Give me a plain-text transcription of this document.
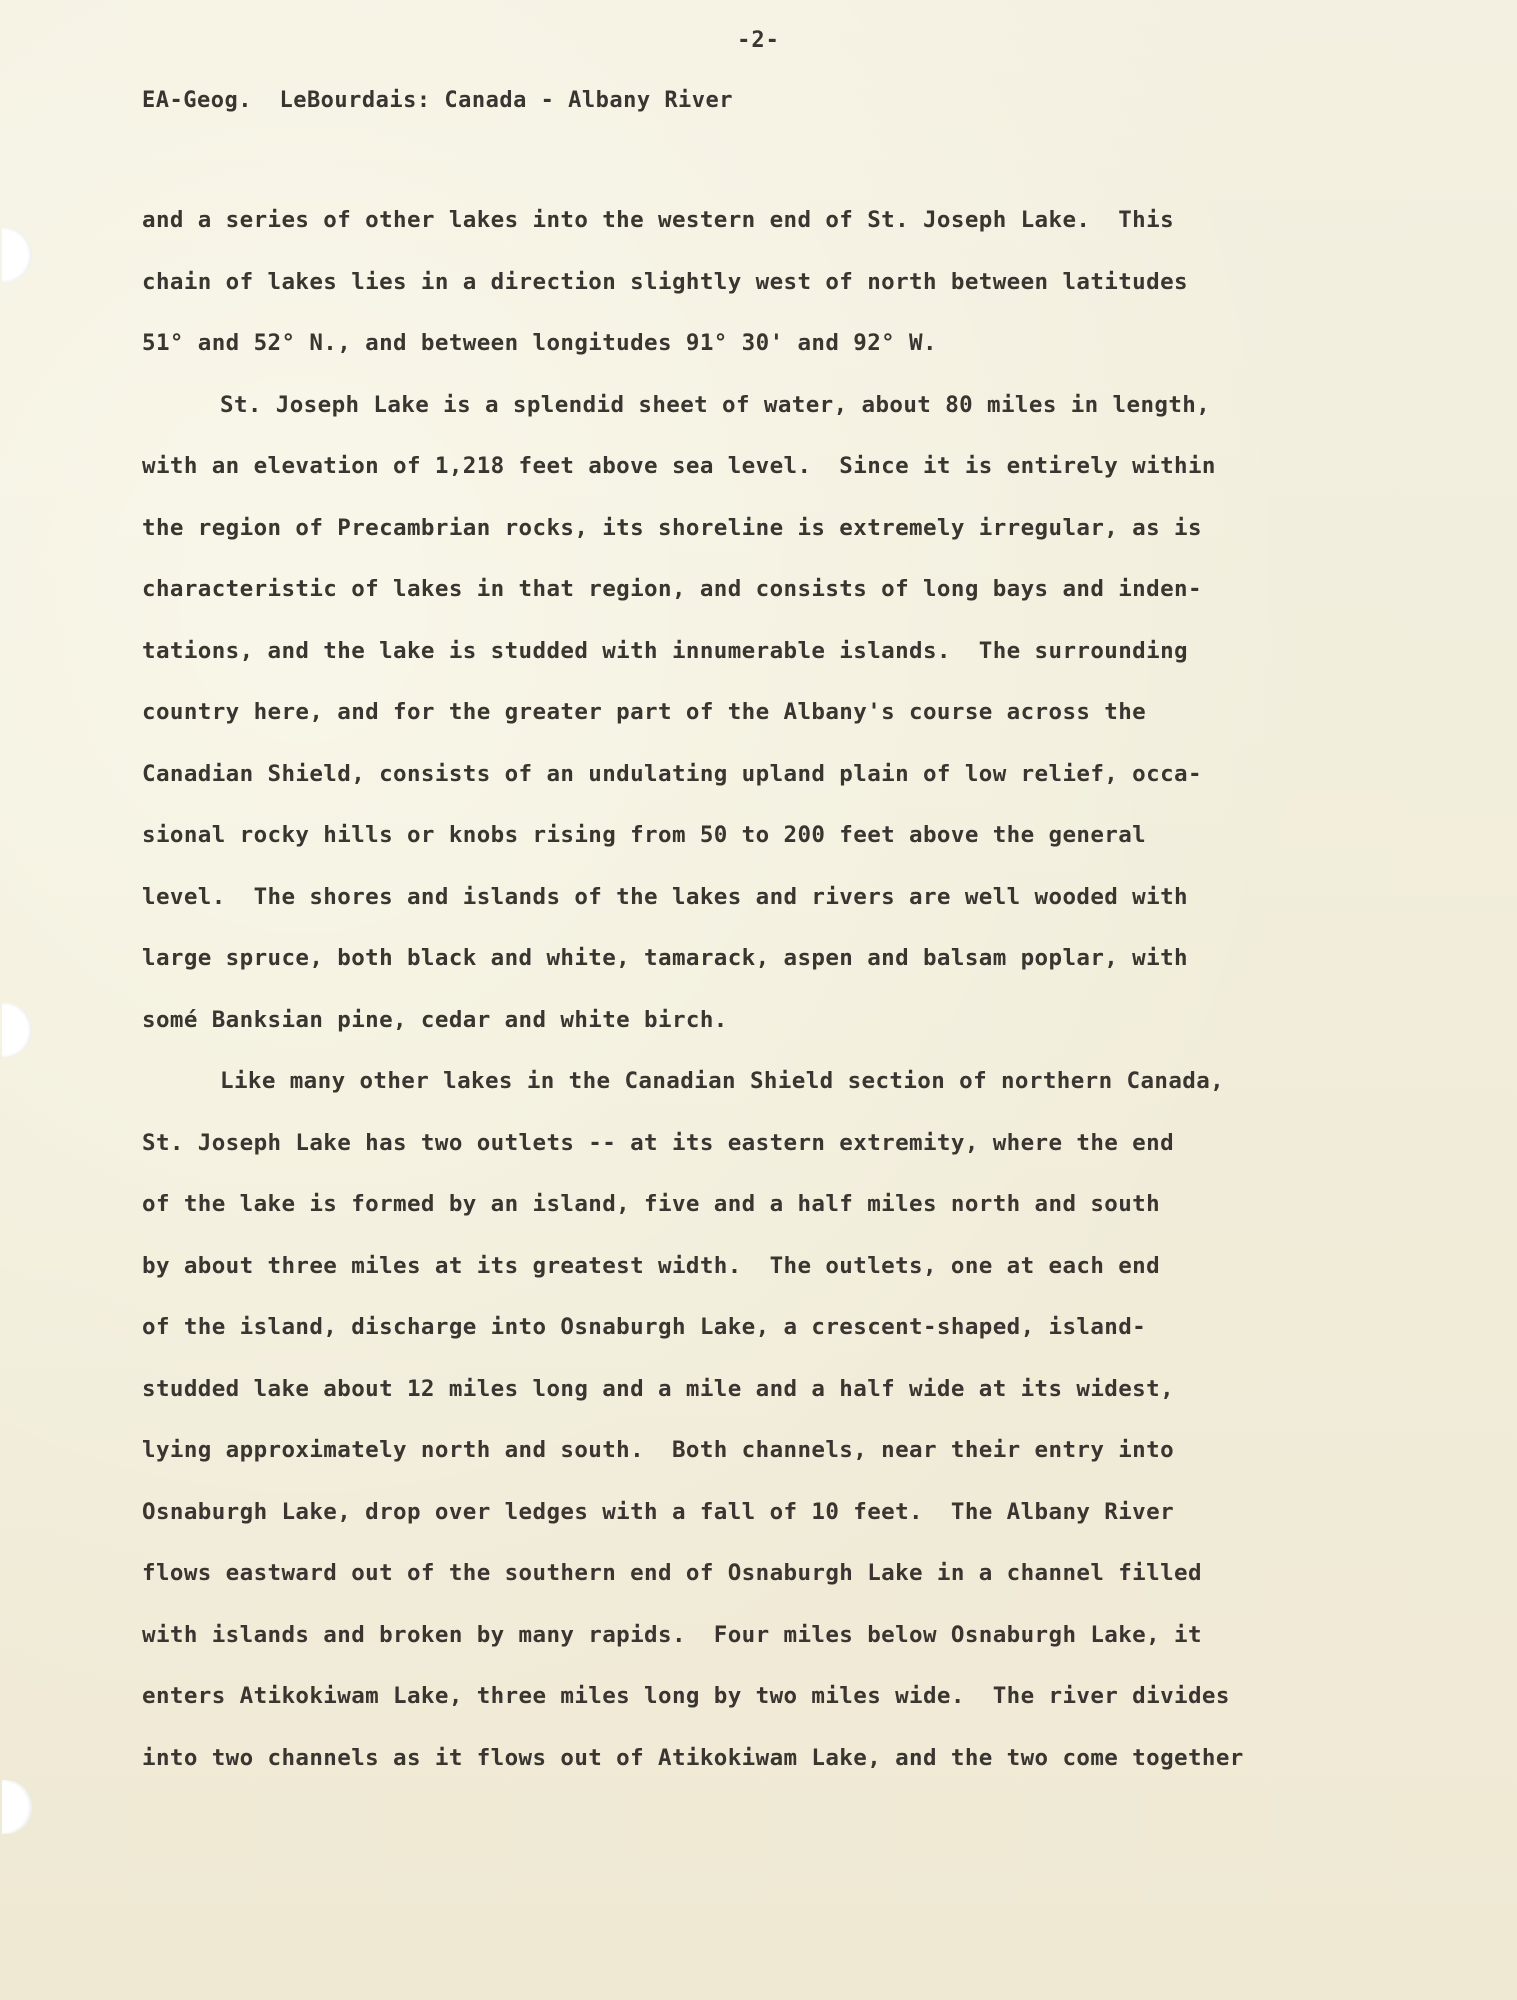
-2-
EA-Geog.  LeBourdais: Canada - Albany River
and a series of other lakes into the western end of St. Joseph Lake.  This
chain of lakes lies in a direction slightly west of north between latitudes
51° and 52° N., and between longitudes 91° 30' and 92° W.
St. Joseph Lake is a splendid sheet of water, about 80 miles in length,
with an elevation of 1,218 feet above sea level.  Since it is entirely within
the region of Precambrian rocks, its shoreline is extremely irregular, as is
characteristic of lakes in that region, and consists of long bays and inden-
tations, and the lake is studded with innumerable islands.  The surrounding
country here, and for the greater part of the Albany's course across the
Canadian Shield, consists of an undulating upland plain of low relief, occa-
sional rocky hills or knobs rising from 50 to 200 feet above the general
level.  The shores and islands of the lakes and rivers are well wooded with
large spruce, both black and white, tamarack, aspen and balsam poplar, with
somé Banksian pine, cedar and white birch.
Like many other lakes in the Canadian Shield section of northern Canada,
St. Joseph Lake has two outlets -- at its eastern extremity, where the end
of the lake is formed by an island, five and a half miles north and south
by about three miles at its greatest width.  The outlets, one at each end
of the island, discharge into Osnaburgh Lake, a crescent-shaped, island-
studded lake about 12 miles long and a mile and a half wide at its widest,
lying approximately north and south.  Both channels, near their entry into
Osnaburgh Lake, drop over ledges with a fall of 10 feet.  The Albany River
flows eastward out of the southern end of Osnaburgh Lake in a channel filled
with islands and broken by many rapids.  Four miles below Osnaburgh Lake, it
enters Atikokiwam Lake, three miles long by two miles wide.  The river divides
into two channels as it flows out of Atikokiwam Lake, and the two come together
